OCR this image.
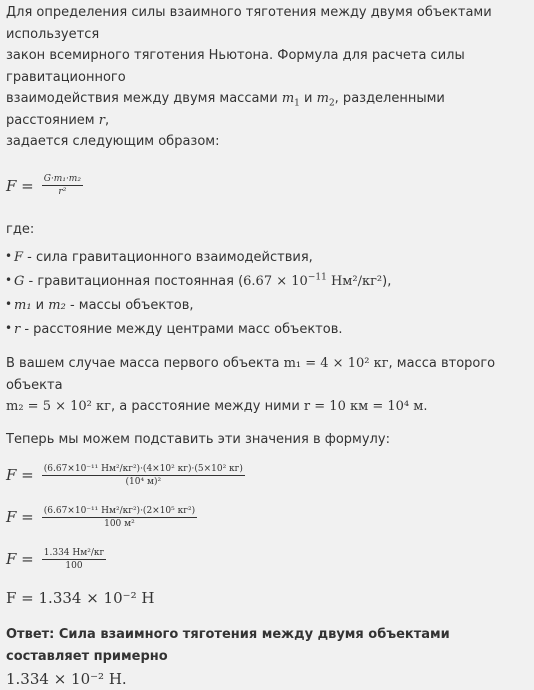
Для определения силы взаимного тяготения между двумя объектами используется

закон всемирного тяготения Ньютона. Формула для расчета силы гравитационного

взаимодействия между двумя массами $m_1$ и $m_2$, разделенными расстоянием r,

задается следующим образом:

$F = \frac{\text{G·m₁·m₂}}{\text{r²}}$

где:

• F - сила гравитационного взаимодействия,
• G - гравитационная постоянная ($6.67 \times 10^{-11}$ Нм²/кг²),
• m₁ и m₂ - массы объектов,
• r - расстояние между центрами масс объектов.

В вашем случае масса первого объекта m₁ = 4 × 10² кг, масса второго объекта

m₂ = 5 × 10² кг, а расстояние между ними r = 10 км = 10⁴ м.

Теперь мы можем подставить эти значения в формулу:

$F = \frac{\text{(6.67×10⁻¹¹ Нм²/кг²)·(4×10² кг)·(5×10² кг)}}{\text{(10⁴ м)²}}$
$F = \frac{\text{(6.67×10⁻¹¹ Нм²/кг²)·(2×10⁵ кг²)}}{\text{100 м²}}$
$F = \frac{\text{1.334 Нм²/кг}}{100}$
F = 1.334 × 10⁻² Н

Ответ: Сила взаимного тяготения между двумя объектами составляет примерно

1.334 × 10⁻² Н.
